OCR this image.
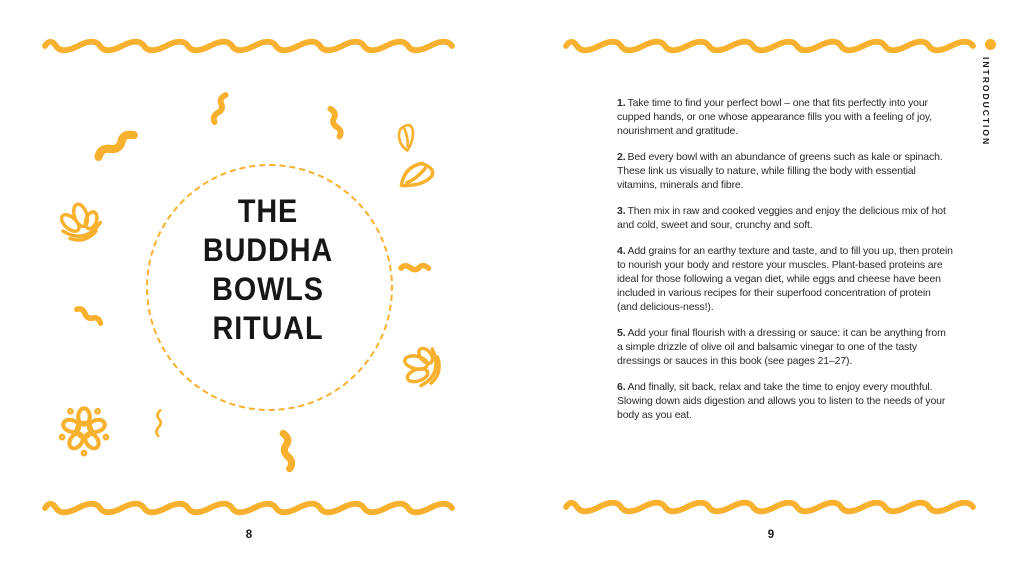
THE
BUDDHA
BOWLS
RITUAL
8
INTRODUCTION

1. Take time to find your perfect bowl – one that fits perfectly into your cupped hands, or one whose appearance fills you with a feeling of joy, nourishment and gratitude.

2. Bed every bowl with an abundance of greens such as kale or spinach. These link us visually to nature, while filling the body with essential vitamins, minerals and fibre.

3. Then mix in raw and cooked veggies and enjoy the delicious mix of hot and cold, sweet and sour, crunchy and soft.

4. Add grains for an earthy texture and taste, and to fill you up, then protein to nourish your body and restore your muscles. Plant-based proteins are ideal for those following a vegan diet, while eggs and cheese have been included in various recipes for their superfood concentration of protein (and delicious-ness!).

5. Add your final flourish with a dressing or sauce: it can be anything from a simple drizzle of olive oil and balsamic vinegar to one of the tasty dressings or sauces in this book (see pages 21–27).

6. And finally, sit back, relax and take the time to enjoy every mouthful. Slowing down aids digestion and allows you to listen to the needs of your body as you eat.

9
